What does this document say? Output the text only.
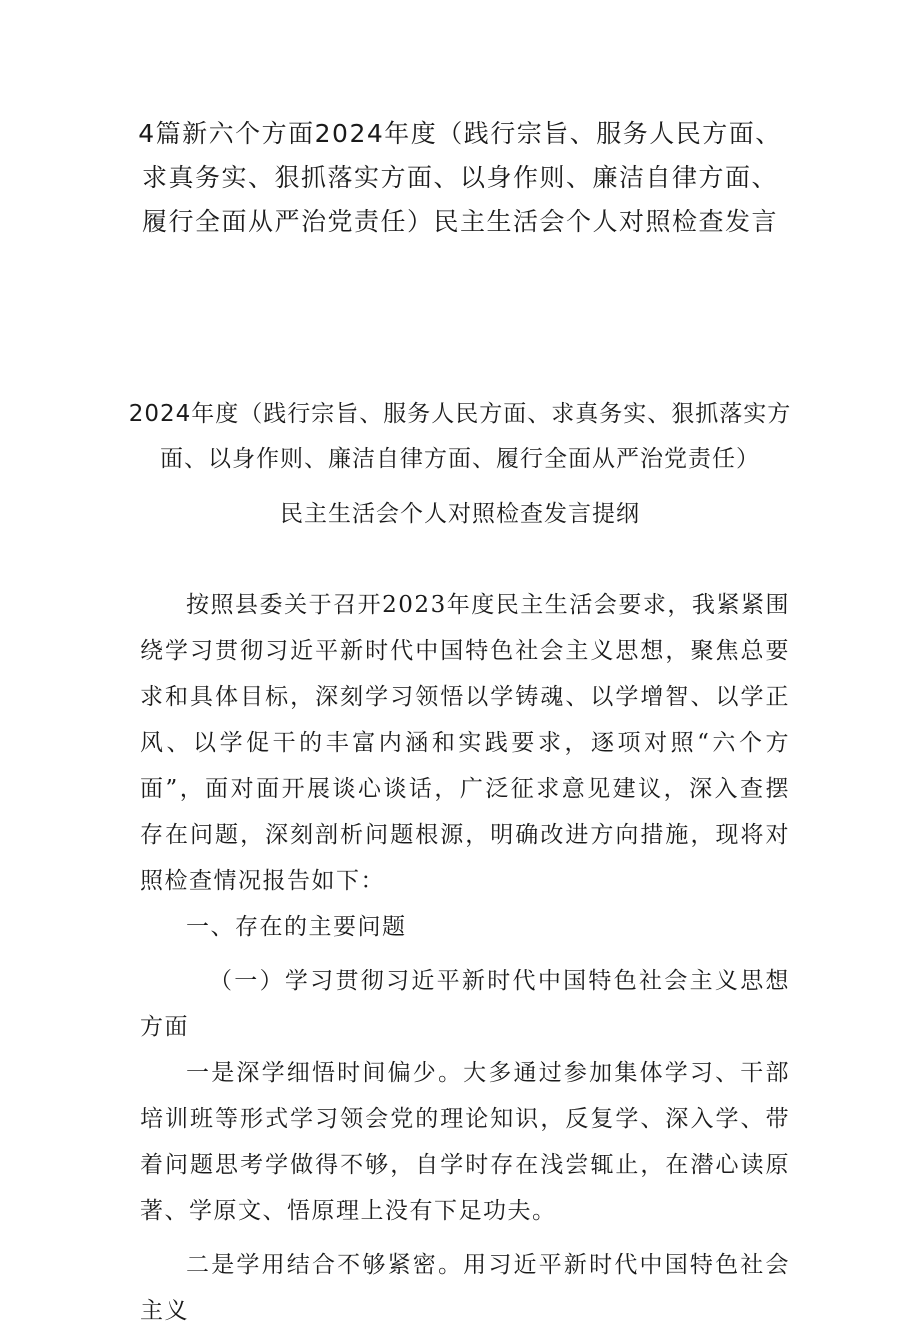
4篇新六个方面2024年度（践行宗旨、服务人民方面、求真务实、狠抓落实方面、以身作则、廉洁自律方面、履行全面从严治党责任）民主生活会个人对照检查发言
2024年度（践行宗旨、服务人民方面、求真务实、狠抓落实方面、以身作则、廉洁自律方面、履行全面从严治党责任）
民主生活会个人对照检查发言提纲

按照县委关于召开2023年度民主生活会要求，我紧紧围绕学习贯彻习近平新时代中国特色社会主义思想，聚焦总要求和具体目标，深刻学习领悟以学铸魂、以学增智、以学正风、以学促干的丰富内涵和实践要求，逐项对照“六个方面”，面对面开展谈心谈话，广泛征求意见建议，深入查摆存在问题，深刻剖析问题根源，明确改进方向措施，现将对照检查情况报告如下：

一、存在的主要问题

（一）学习贯彻习近平新时代中国特色社会主义思想方面

一是深学细悟时间偏少。大多通过参加集体学习、干部培训班等形式学习领会党的理论知识，反复学、深入学、带着问题思考学做得不够，自学时存在浅尝辄止，在潜心读原著、学原文、悟原理上没有下足功夫。

二是学用结合不够紧密。用习近平新时代中国特色社会主义
